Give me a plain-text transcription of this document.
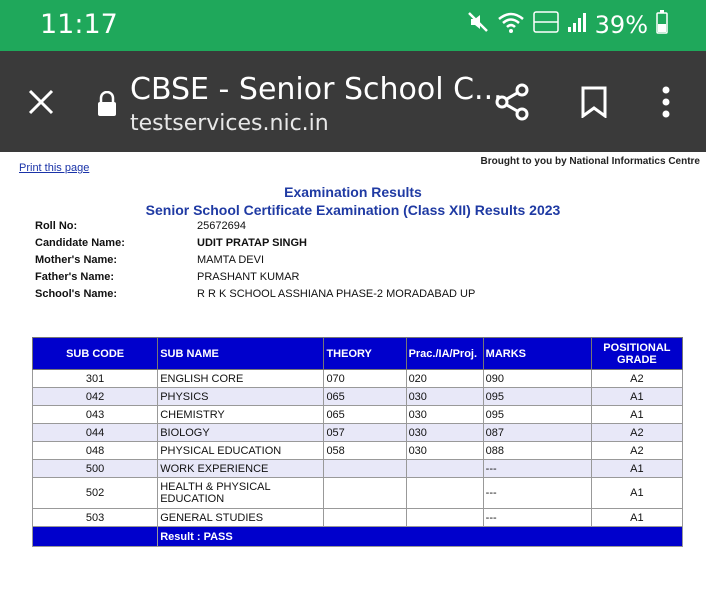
11:17	39%
CBSE - Senior School C...
testservices.nic.in
Print this page
Brought to you by National Informatics Centre
Examination Results
Senior School Certificate Examination (Class XII) Results 2023
Roll No:	25672694
Candidate Name:	UDIT PRATAP SINGH
Mother's Name:	MAMTA DEVI
Father's Name:	PRASHANT KUMAR
School's Name:	R R K SCHOOL ASSHIANA PHASE-2 MORADABAD UP
SUB CODE	SUB NAME	THEORY	Prac./IA/Proj.	MARKS	POSITIONAL GRADE
301	ENGLISH CORE	070	020	090	A2
042	PHYSICS	065	030	095	A1
043	CHEMISTRY	065	030	095	A1
044	BIOLOGY	057	030	087	A2
048	PHYSICAL EDUCATION	058	030	088	A2
500	WORK EXPERIENCE			---	A1
502	HEALTH & PHYSICAL EDUCATION			---	A1
503	GENERAL STUDIES			---	A1
	Result : PASS				
